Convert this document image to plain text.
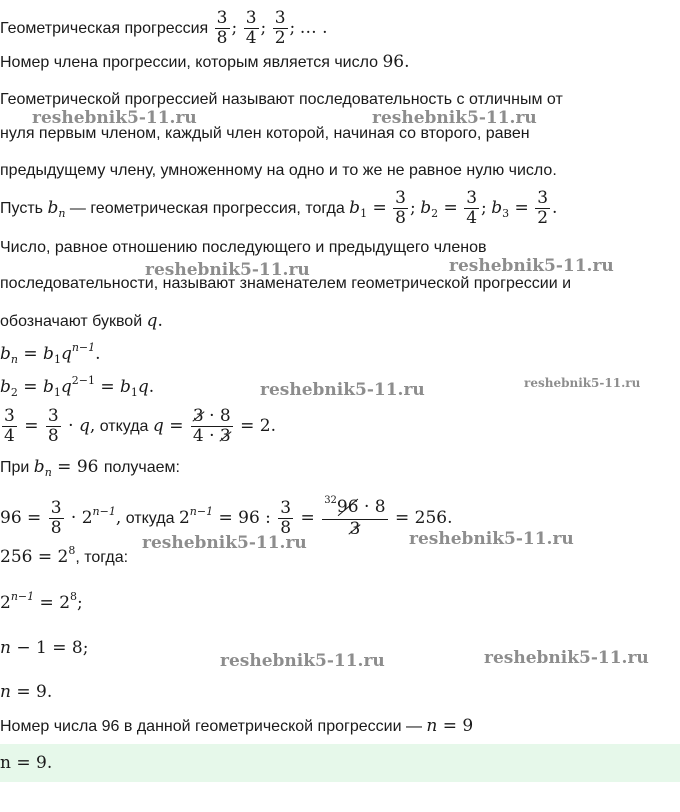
Геометрическая прогрессия $\frac{3}{8}$ ; $\frac{3}{4}$ ; $\frac{3}{2}$ ; … .
Номер члена прогрессии, которым является число 96.
Геометрической прогрессией называют последовательность с отличным от
нуля первым членом, каждый член которой, начиная со второго, равен
предыдущему члену, умноженному на одно и то же не равное нулю число.
Пусть $b_n$ — геометрическая прогрессия, тогда $b_1 = \frac{3}{8}$ ; $b_2 = \frac{3}{4}$ ; $b_3 = \frac{3}{2}$ .
Число, равное отношению последующего и предыдущего членов
последовательности, называют знаменателем геометрической прогрессии и
обозначают буквой q.
$b_n = b_1q^{n-1}$.
$b_2 = b_1q^{2-1} = b_1q$.
$\frac{3}{4} = \frac{3}{8} \cdot q$, откуда $q = \frac{3 \cdot 8}{4 \cdot 3} = 2$.
При $b_n = 96$ получаем:
$96 = \frac{3}{8} \cdot 2^{n-1}$, откуда $2^{n-1} = 96$ : $\frac{3}{8} = \frac{^{32}96 \cdot 8}{3} = 256$.
$256 = 2^8$, тогда:
$2^{n-1} = 2^8$;
n − 1 = 8;
n = 9.
Номер числа 96 в данной геометрической прогрессии — n = 9
n = 9.
reshebnik5-11.ru	reshebnik5-11.ru
reshebnik5-11.ru	reshebnik5-11.ru
reshebnik5-11.ru	reshebnik5-11.ru
reshebnik5-11.ru	reshebnik5-11.ru
reshebnik5-11.ru	reshebnik5-11.ru
